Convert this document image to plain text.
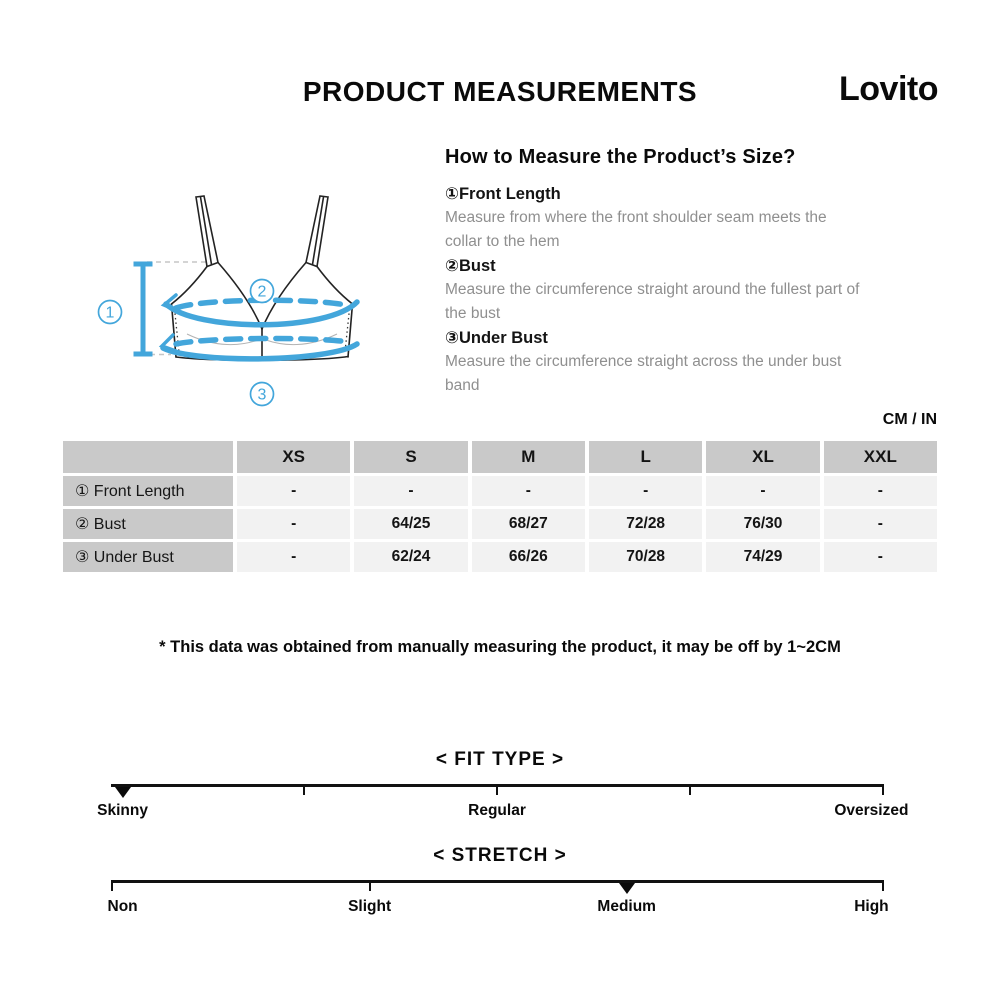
PRODUCT MEASUREMENTS	Lovito
1
2
3
How to Measure the Product’s Size?
①Front Length
Measure from where the front shoulder seam meets the
collar to the hem
②Bust
Measure the circumference straight around the fullest part of
the bust
③Under Bust
Measure the circumference straight across the under bust
band
CM / IN
XS	S	M	L	XL	XXL
① Front Length	-	-	-	-	-	-
② Bust	-	64/25	68/27	72/28	76/30	-
③ Under Bust	-	62/24	66/26	70/28	74/29	-
* This data was obtained from manually measuring the product, it may be off by 1~2CM
< FIT TYPE >
Skinny	Regular	Oversized
< STRETCH >
Non	Slight	Medium	High
